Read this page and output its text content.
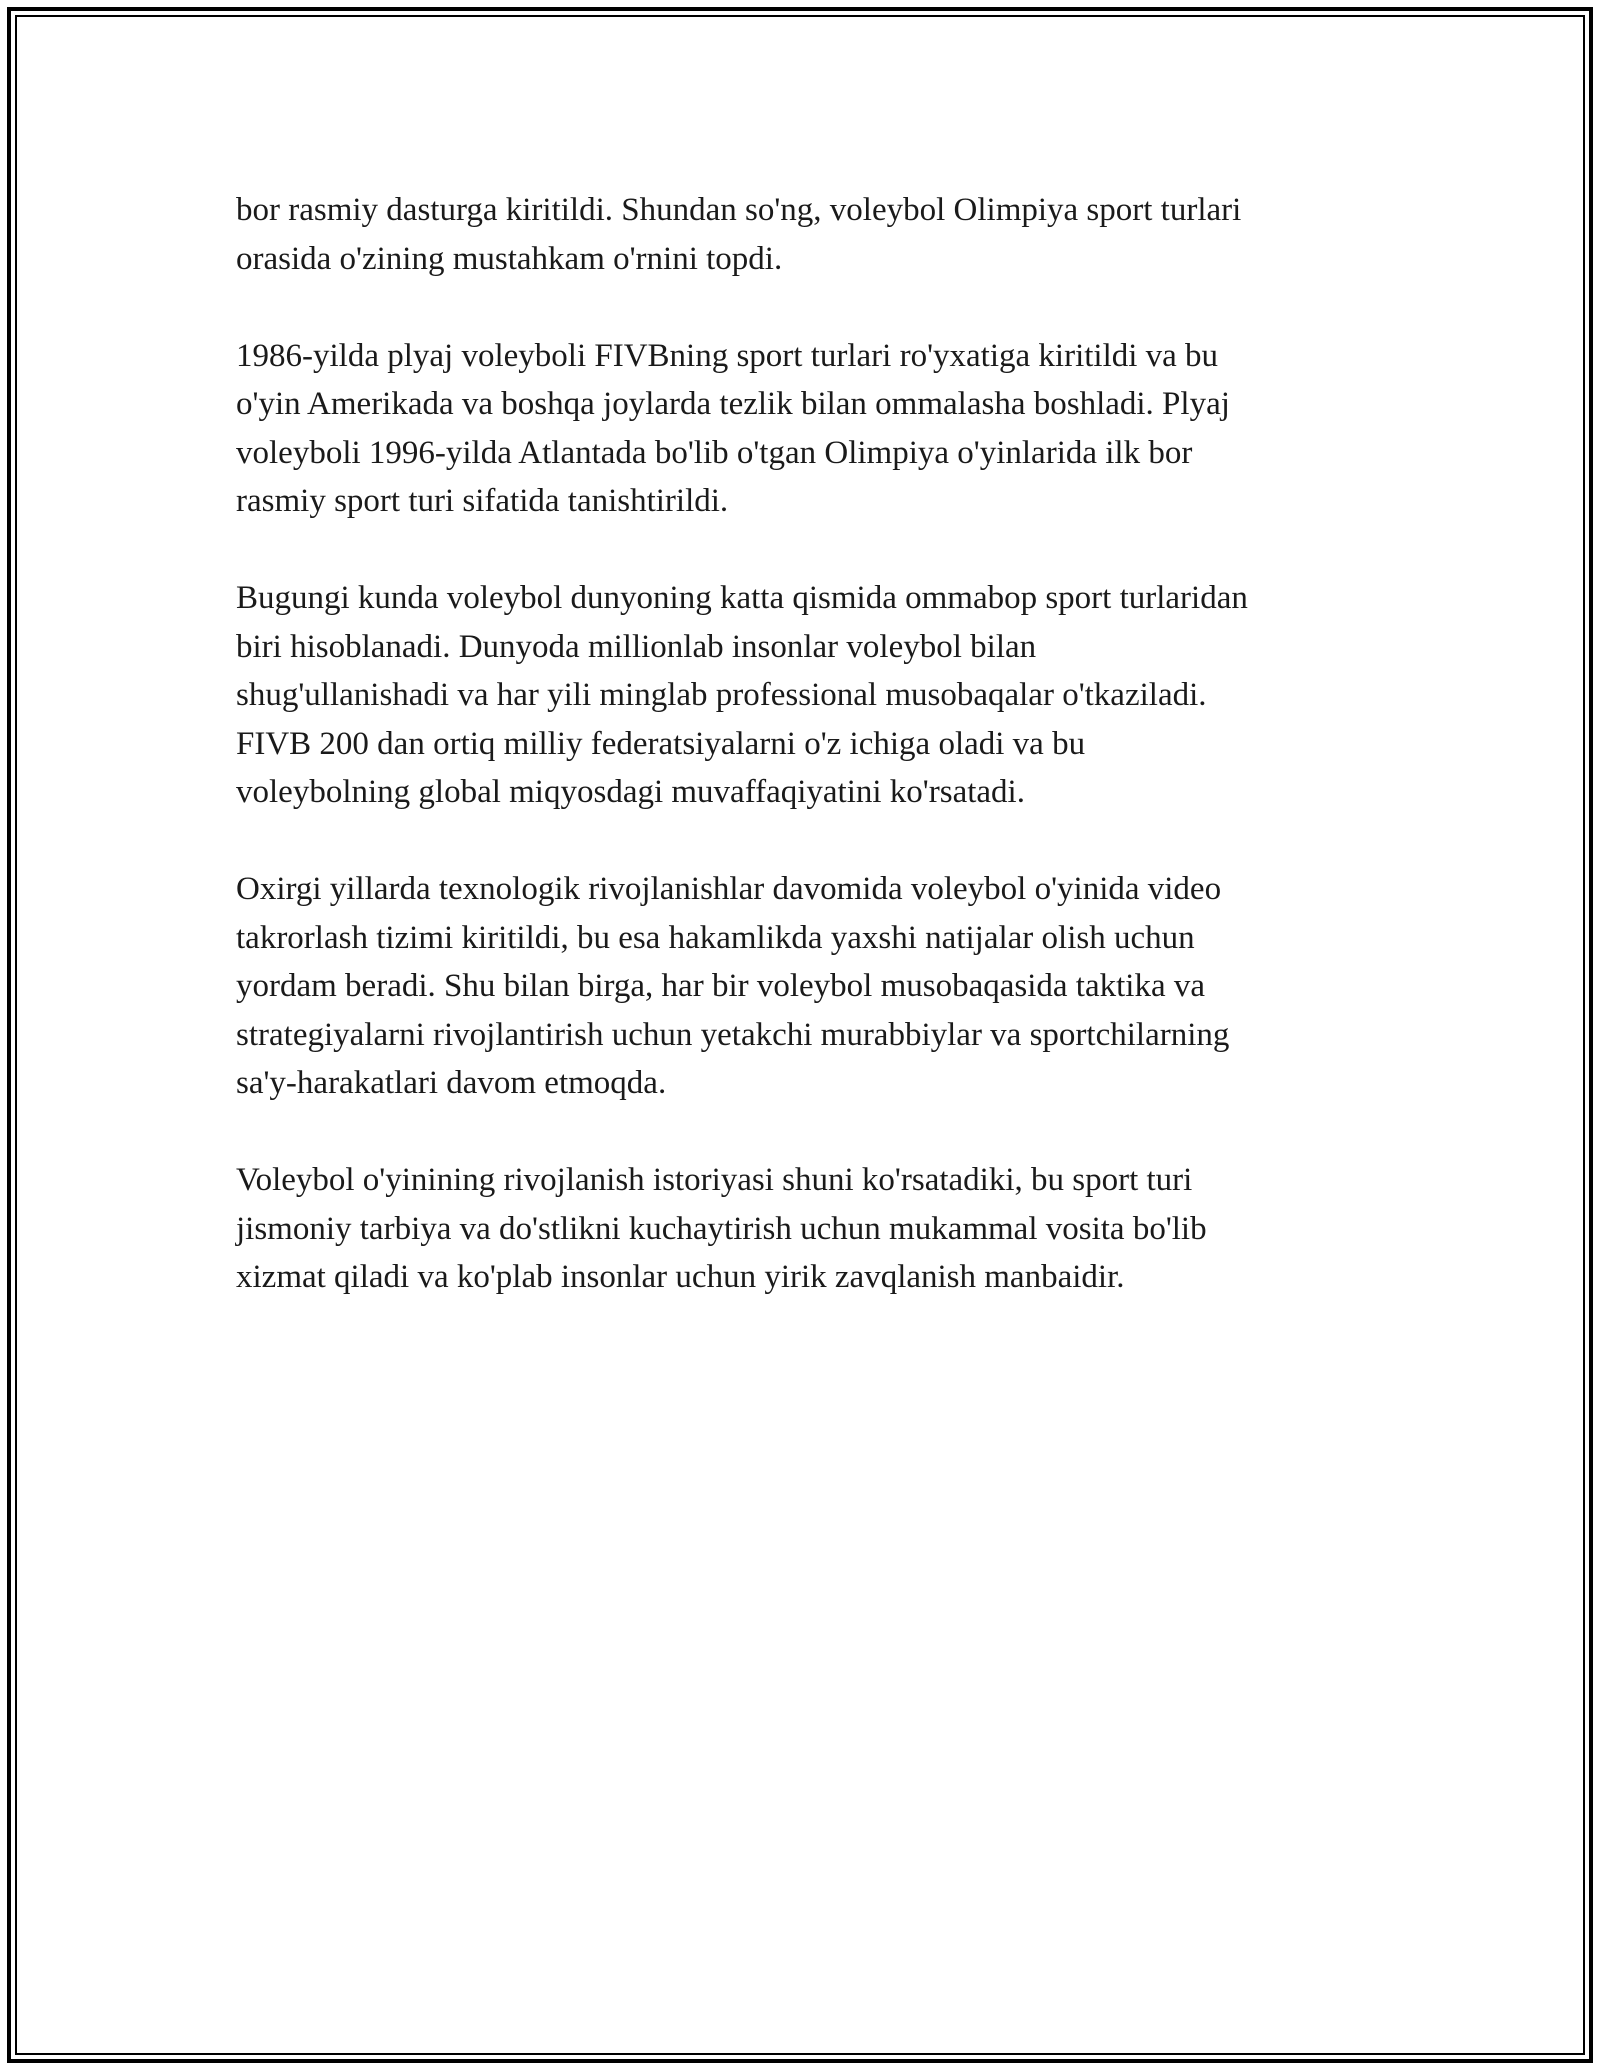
bor rasmiy dasturga kiritildi. Shundan so'ng, voleybol Olimpiya sport turlari
orasida o'zining mustahkam o'rnini topdi.

1986-yilda plyaj voleyboli FIVBning sport turlari ro'yxatiga kiritildi va bu
o'yin Amerikada va boshqa joylarda tezlik bilan ommalasha boshladi. Plyaj
voleyboli 1996-yilda Atlantada bo'lib o'tgan Olimpiya o'yinlarida ilk bor
rasmiy sport turi sifatida tanishtirildi.

Bugungi kunda voleybol dunyoning katta qismida ommabop sport turlaridan
biri hisoblanadi. Dunyoda millionlab insonlar voleybol bilan
shug'ullanishadi va har yili minglab professional musobaqalar o'tkaziladi.
FIVB 200 dan ortiq milliy federatsiyalarni o'z ichiga oladi va bu
voleybolning global miqyosdagi muvaffaqiyatini ko'rsatadi.

Oxirgi yillarda texnologik rivojlanishlar davomida voleybol o'yinida video
takrorlash tizimi kiritildi, bu esa hakamlikda yaxshi natijalar olish uchun
yordam beradi. Shu bilan birga, har bir voleybol musobaqasida taktika va
strategiyalarni rivojlantirish uchun yetakchi murabbiylar va sportchilarning
sa'y-harakatlari davom etmoqda.

Voleybol o'yinining rivojlanish istoriyasi shuni ko'rsatadiki, bu sport turi
jismoniy tarbiya va do'stlikni kuchaytirish uchun mukammal vosita bo'lib
xizmat qiladi va ko'plab insonlar uchun yirik zavqlanish manbaidir.
